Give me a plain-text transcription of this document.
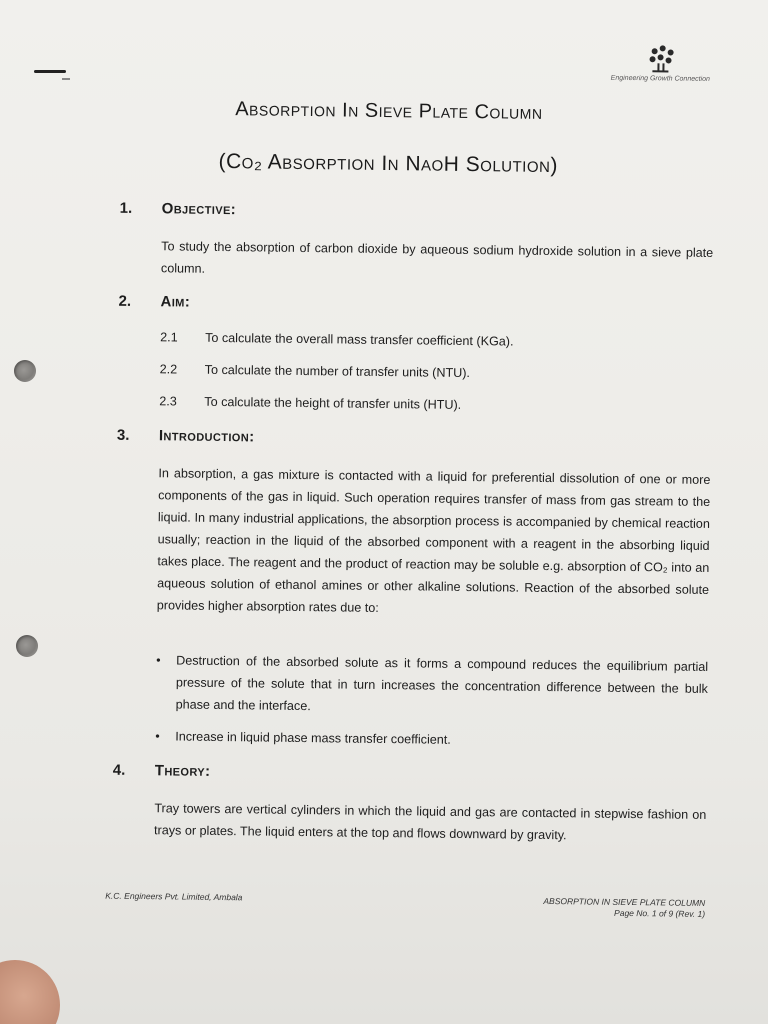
Engineering Growth Connection
Absorption In Sieve Plate Column
(Co₂ Absorption In NaoH Solution)
1. Objective:
To study the absorption of carbon dioxide by aqueous sodium hydroxide solution in a sieve plate column.
2. Aim:
2.1 To calculate the overall mass transfer coefficient (KGa).
2.2 To calculate the number of transfer units (NTU).
2.3 To calculate the height of transfer units (HTU).
3. Introduction:
In absorption, a gas mixture is contacted with a liquid for preferential dissolution of one or more components of the gas in liquid. Such operation requires transfer of mass from gas stream to the liquid. In many industrial applications, the absorption process is accompanied by chemical reaction usually; reaction in the liquid of the absorbed component with a reagent in the absorbing liquid takes place. The reagent and the product of reaction may be soluble e.g. absorption of CO₂ into an aqueous solution of ethanol amines or other alkaline solutions. Reaction of the absorbed solute provides higher absorption rates due to:
• Destruction of the absorbed solute as it forms a compound reduces the equilibrium partial pressure of the solute that in turn increases the concentration difference between the bulk phase and the interface.
• Increase in liquid phase mass transfer coefficient.
4. Theory:
Tray towers are vertical cylinders in which the liquid and gas are contacted in stepwise fashion on trays or plates. The liquid enters at the top and flows downward by gravity.
K.C. Engineers Pvt. Limited, Ambala	ABSORPTION IN SIEVE PLATE COLUMN
Page No. 1 of 9 (Rev. 1)
